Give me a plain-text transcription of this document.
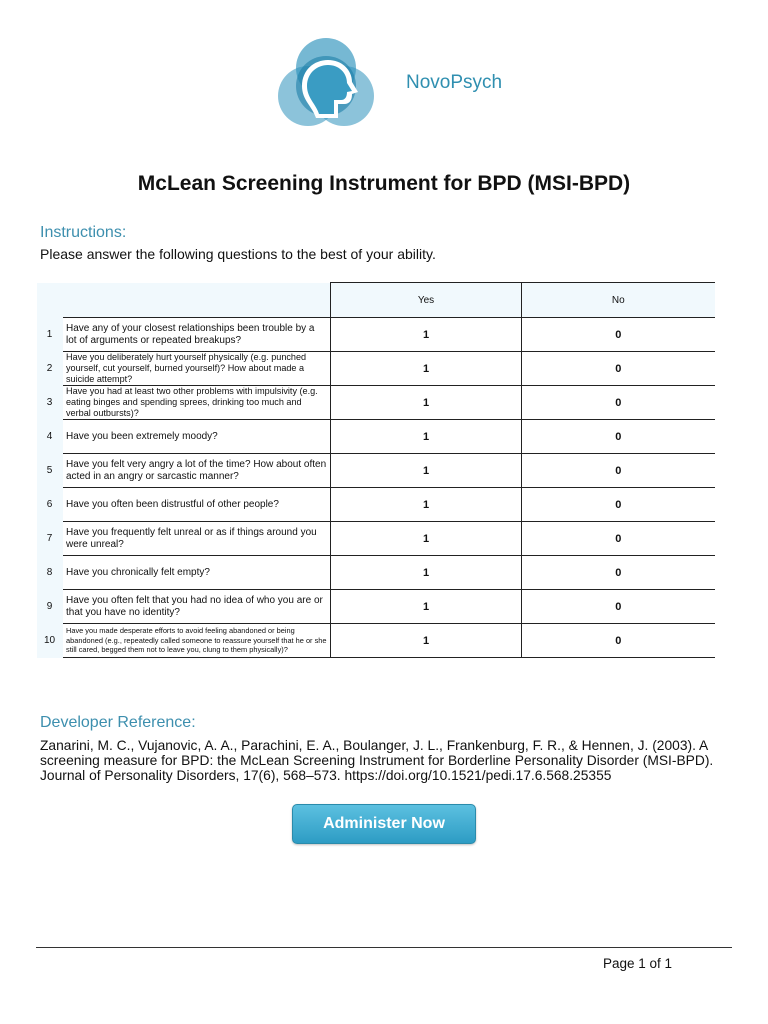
NovoPsych
McLean Screening Instrument for BPD (MSI-BPD)
Instructions:
Please answer the following questions to the best of your ability.
		Yes	No
1	Have any of your closest relationships been trouble by a lot of arguments or repeated breakups?	1	0
2	Have you deliberately hurt yourself physically (e.g. punched yourself, cut yourself, burned yourself)? How about made a suicide attempt?	1	0
3	Have you had at least two other problems with impulsivity (e.g. eating binges and spending sprees, drinking too much and verbal outbursts)?	1	0
4	Have you been extremely moody?	1	0
5	Have you felt very angry a lot of the time? How about often acted in an angry or sarcastic manner?	1	0
6	Have you often been distrustful of other people?	1	0
7	Have you frequently felt unreal or as if things around you were unreal?	1	0
8	Have you chronically felt empty?	1	0
9	Have you often felt that you had no idea of who you are or that you have no identity?	1	0
10	Have you made desperate efforts to avoid feeling abandoned or being abandoned (e.g., repeatedly called someone to reassure yourself that he or she still cared, begged them not to leave you, clung to them physically)?	1	0
Developer Reference:
Zanarini, M. C., Vujanovic, A. A., Parachini, E. A., Boulanger, J. L., Frankenburg, F. R., & Hennen, J. (2003). A screening measure for BPD: the McLean Screening Instrument for Borderline Personality Disorder (MSI-BPD). Journal of Personality Disorders, 17(6), 568–573. https://doi.org/10.1521/pedi.17.6.568.25355
Administer Now
Page 1 of 1
